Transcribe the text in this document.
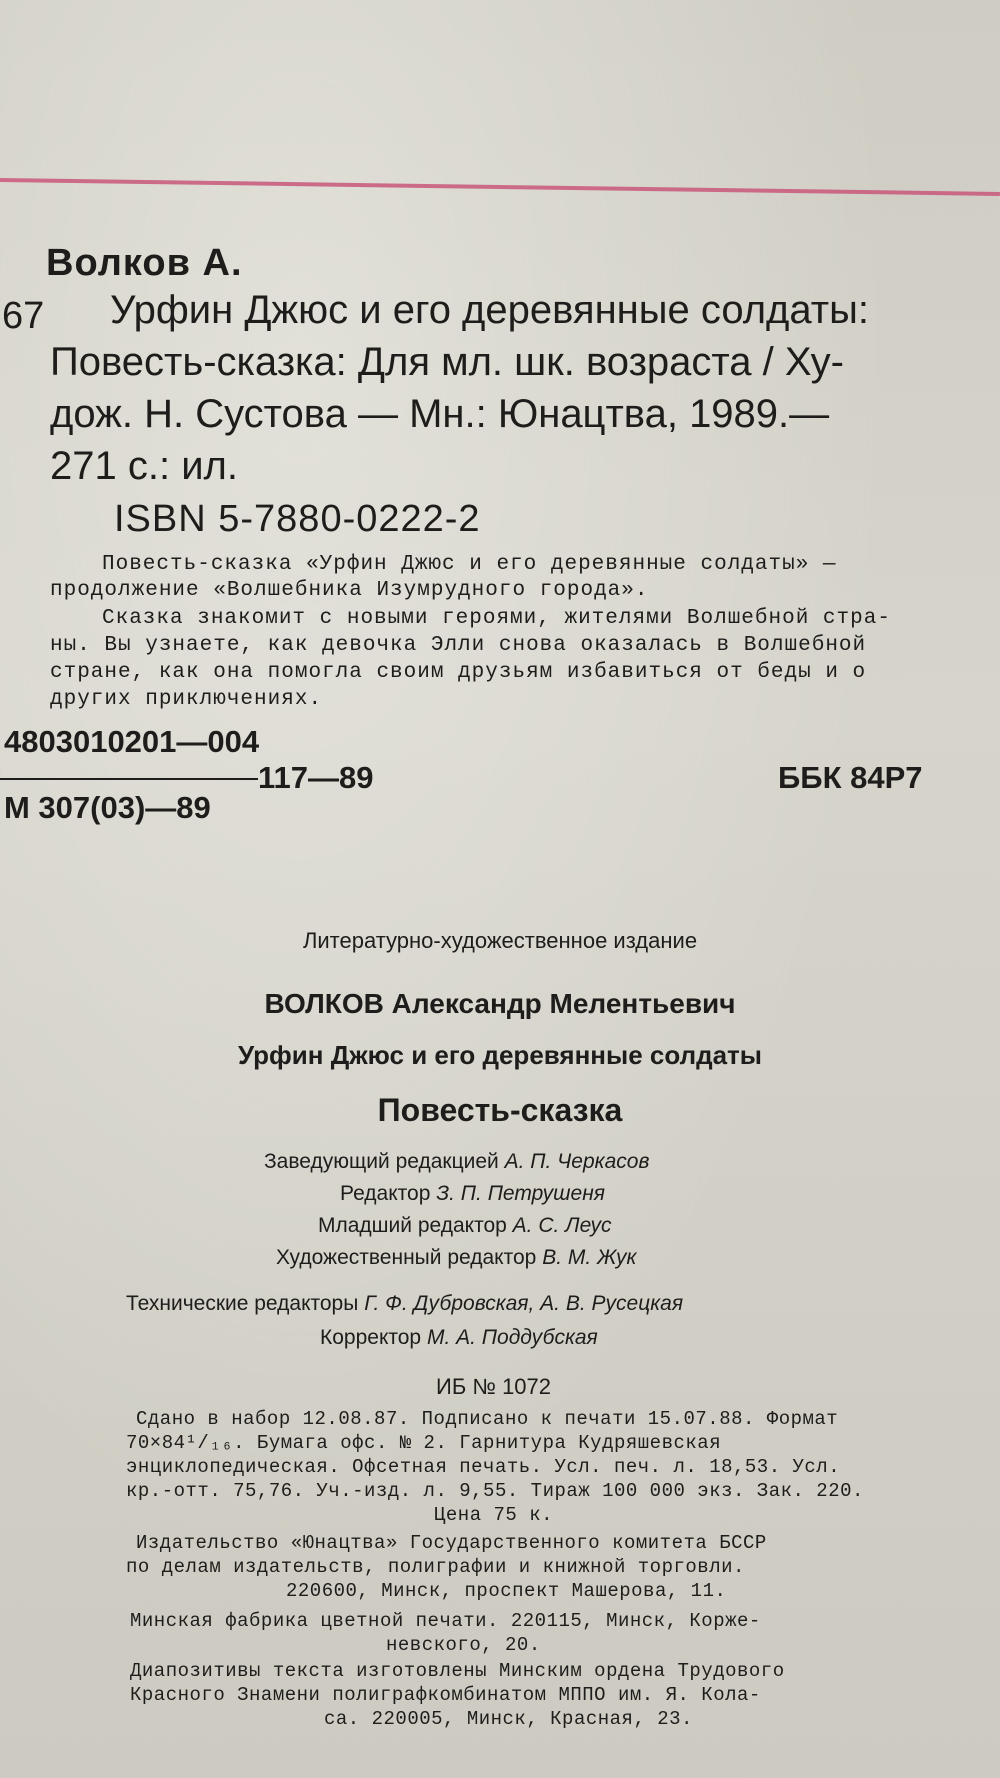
Волков А.
67 Урфин Джюс и его деревянные солдаты:
Повесть-сказка: Для мл. шк. возраста / Ху-
дож. Н. Сустова — Мн.: Юнацтва, 1989.—
271 с.: ил.
ISBN 5-7880-0222-2
Повесть-сказка «Урфин Джюс и его деревянные солдаты» —
продолжение «Волшебника Изумрудного города».
Сказка знакомит с новыми героями, жителями Волшебной стра-
ны. Вы узнаете, как девочка Элли снова оказалась в Волшебной
стране, как она помогла своим друзьям избавиться от беды и о
других приключениях.
4803010201—004
117—89
М 307(03)—89
ББК 84Р7
Литературно-художественное издание
ВОЛКОВ Александр Мелентьевич
Урфин Джюс и его деревянные солдаты
Повесть-сказка
Заведующий редакцией А. П. Черкасов
Редактор З. П. Петрушеня
Младший редактор А. С. Леус
Художественный редактор В. М. Жук
Технические редакторы Г. Ф. Дубровская, А. В. Русецкая
Корректор М. А. Поддубская
ИБ № 1072
Сдано в набор 12.08.87. Подписано к печати 15.07.88. Формат
70×84¹/₁₆. Бумага офс. № 2. Гарнитура Кудряшевская
энциклопедическая. Офсетная печать. Усл. печ. л. 18,53. Усл.
кр.-отт. 75,76. Уч.-изд. л. 9,55. Тираж 100 000 экз. Зак. 220.
Цена 75 к.
Издательство «Юнацтва» Государственного комитета БССР
по делам издательств, полиграфии и книжной торговли.
220600, Минск, проспект Машерова, 11.
Минская фабрика цветной печати. 220115, Минск, Корже-
невского, 20.
Диапозитивы текста изготовлены Минским ордена Трудового
Красного Знамени полиграфкомбинатом МППО им. Я. Кола-
са. 220005, Минск, Красная, 23.
